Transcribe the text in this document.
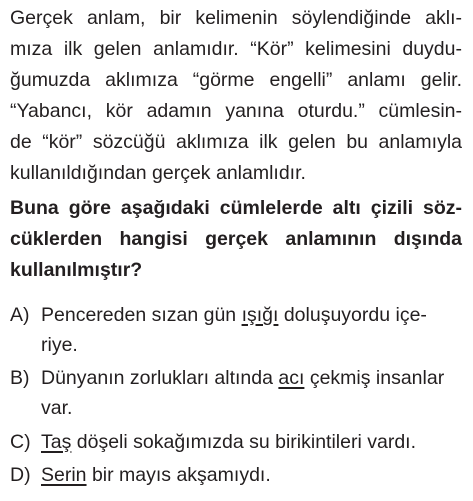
Gerçek anlam, bir kelimenin söylendiğinde aklı-
mıza ilk gelen anlamıdır. “Kör” kelimesini duydu-
ğumuzda aklımıza “görme engelli” anlamı gelir.
“Yabancı, kör adamın yanına oturdu.” cümlesin-
de “kör” sözcüğü aklımıza ilk gelen bu anlamıyla
kullanıldığından gerçek anlamlıdır.
Buna göre aşağıdaki cümlelerde altı çizili söz-
cüklerden hangisi gerçek anlamının dışında
kullanılmıştır?
A) Pencereden sızan gün ışığı doluşuyordu içe-
riye.
B) Dünyanın zorlukları altında acı çekmiş insanlar
var.
C) Taş döşeli sokağımızda su birikintileri vardı.
D) Serin bir mayıs akşamıydı.
